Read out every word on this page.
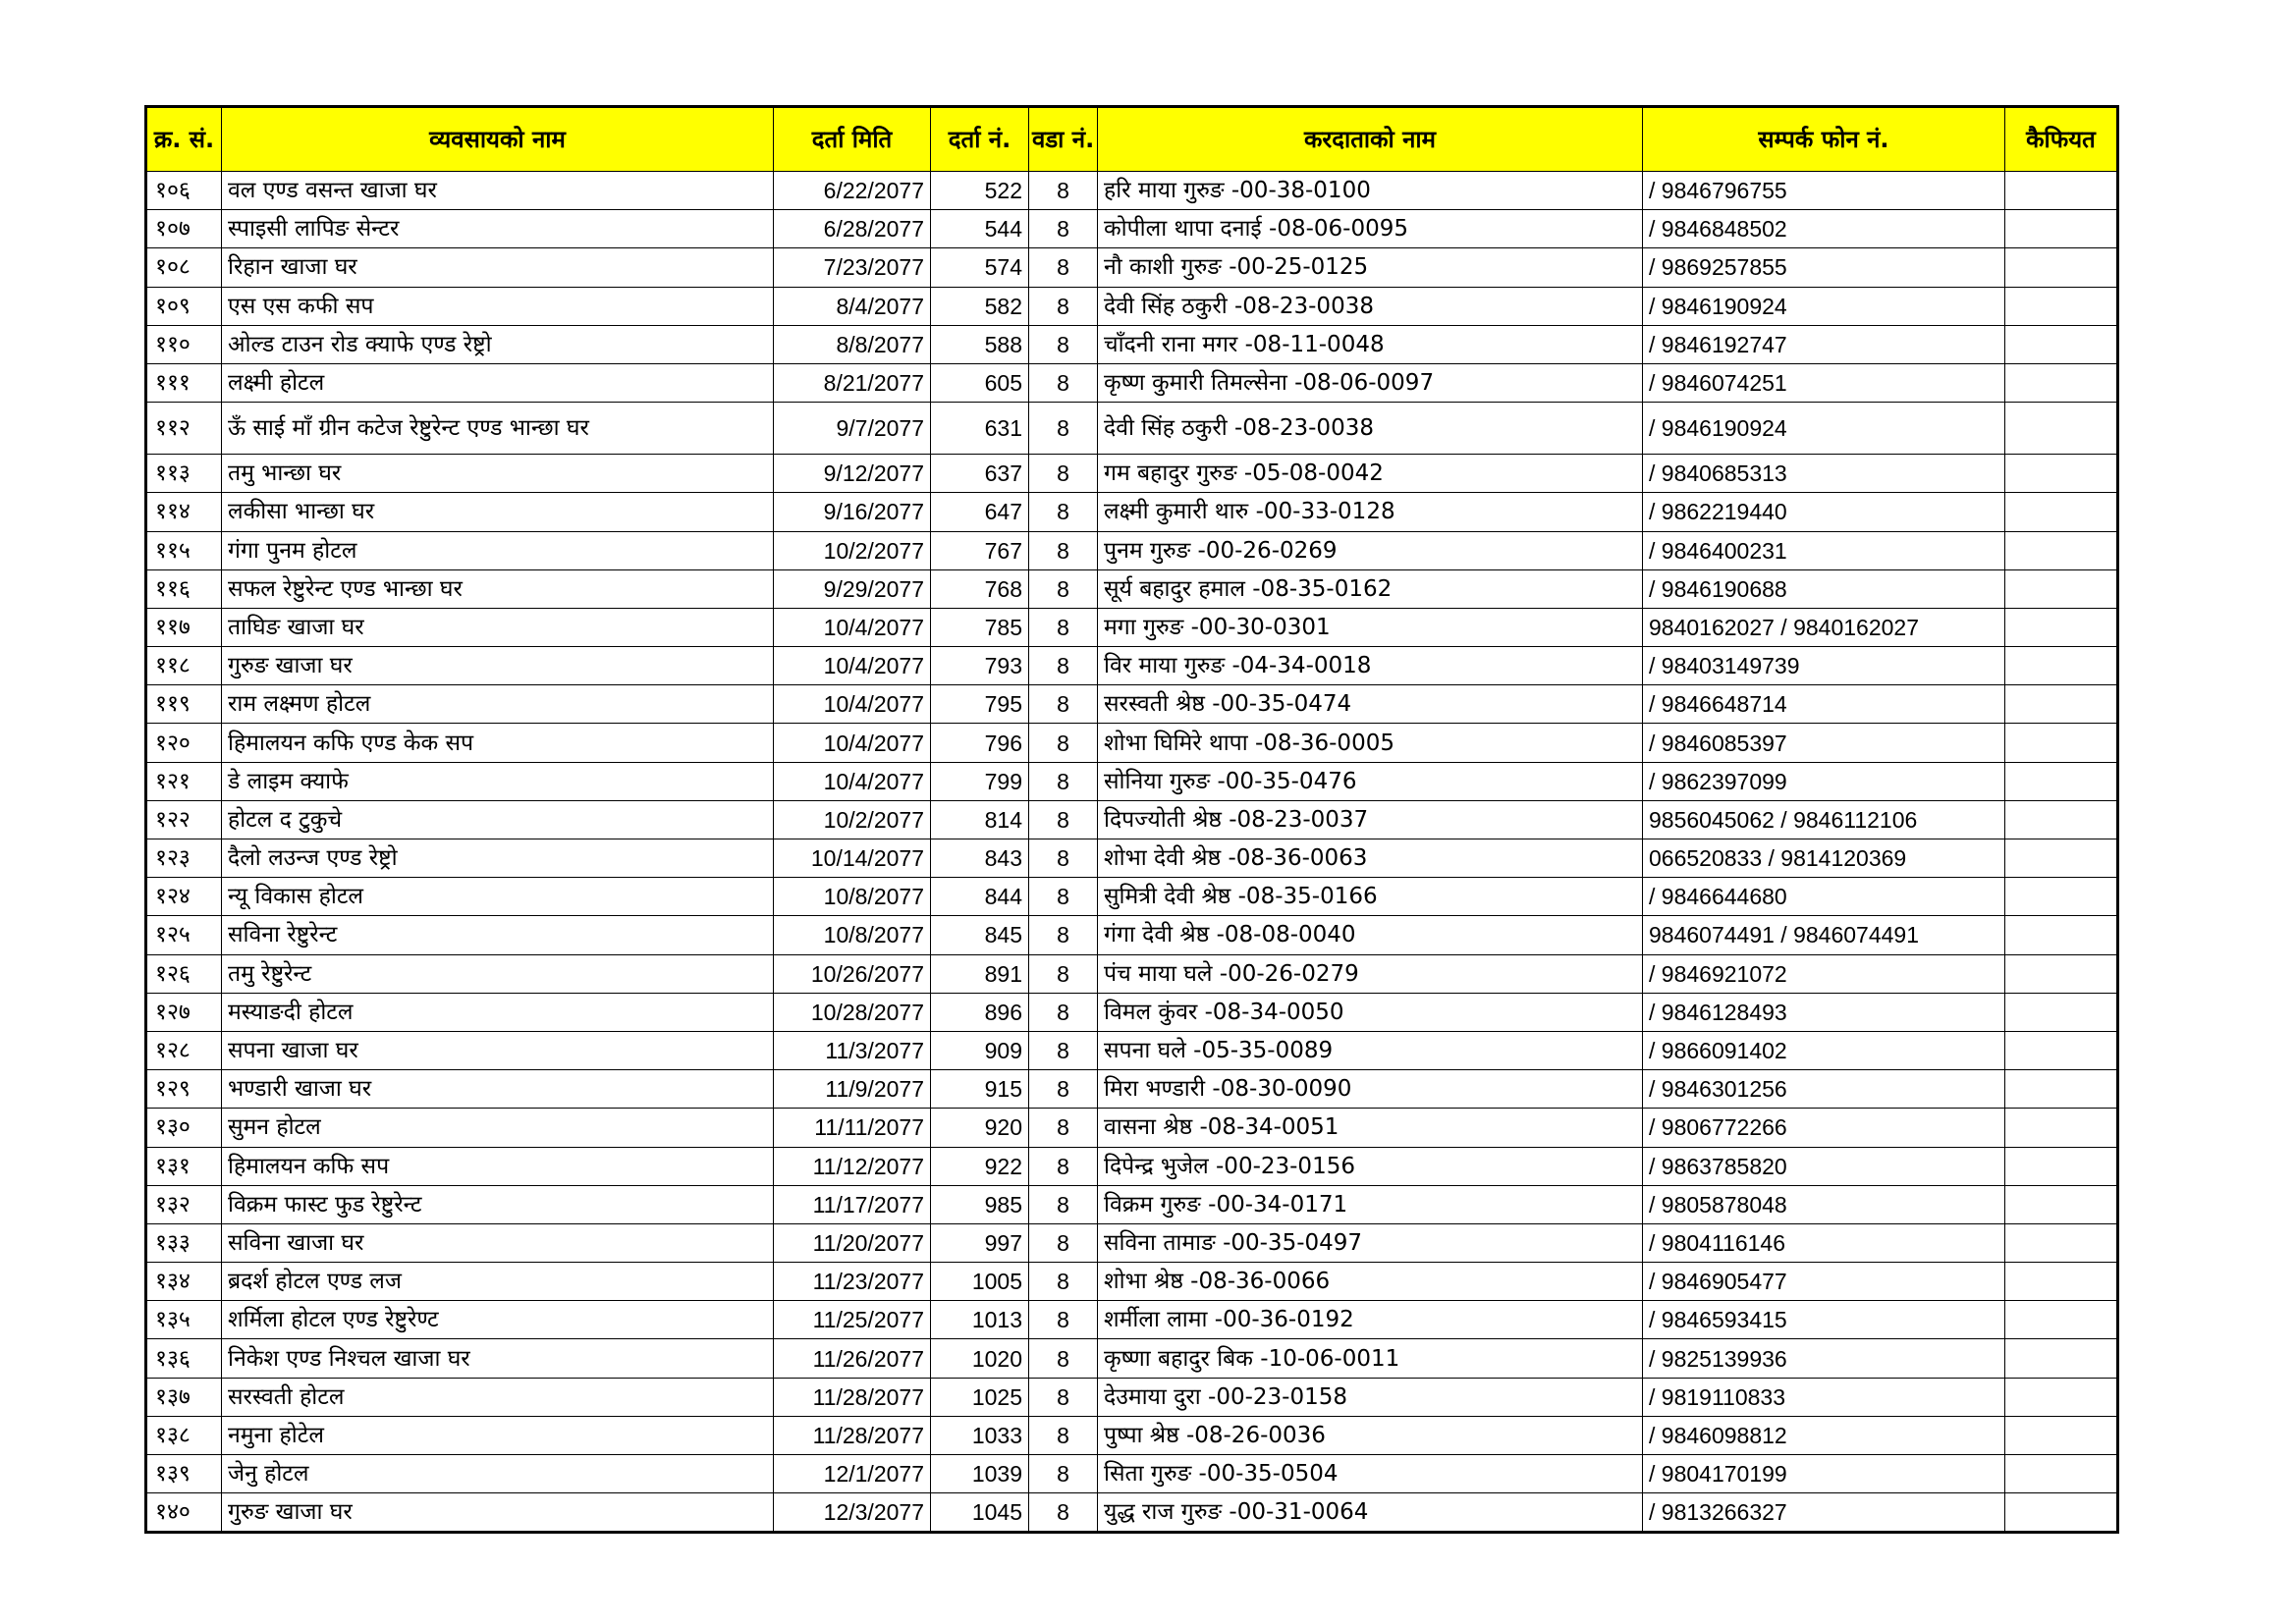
क्र. सं.	व्यवसायको नाम	दर्ता मिति	दर्ता नं.	वडा नं.	करदाताको नाम	सम्पर्क फोन नं.	कैफियत
१०६	वल एण्ड वसन्त खाजा घर	6/22/2077	522	8	हरि माया गुरुङ -00-38-0100	/ 9846796755	
१०७	स्पाइसी लापिङ सेन्टर	6/28/2077	544	8	कोपीला थापा दनाई -08-06-0095	/ 9846848502	
१०८	रिहान खाजा घर	7/23/2077	574	8	नौ काशी गुरुङ -00-25-0125	/ 9869257855	
१०९	एस एस कफी सप	8/4/2077	582	8	देवी सिंह ठकुरी -08-23-0038	/ 9846190924	
११०	ओल्ड टाउन रोड क्याफे एण्ड रेष्ट्रो	8/8/2077	588	8	चाँदनी राना मगर -08-11-0048	/ 9846192747	
१११	लक्ष्मी होटल	8/21/2077	605	8	कृष्ण कुमारी तिमल्सेना -08-06-0097	/ 9846074251	
११२	ऊँ साई माँ ग्रीन कटेज रेष्टुरेन्ट एण्ड भान्छा घर	9/7/2077	631	8	देवी सिंह ठकुरी -08-23-0038	/ 9846190924	
११३	तमु भान्छा घर	9/12/2077	637	8	गम बहादुर गुरुङ -05-08-0042	/ 9840685313	
११४	लकीसा भान्छा घर	9/16/2077	647	8	लक्ष्मी कुमारी थारु -00-33-0128	/ 9862219440	
११५	गंगा पुनम होटल	10/2/2077	767	8	पुनम गुरुङ -00-26-0269	/ 9846400231	
११६	सफल रेष्टुरेन्ट एण्ड भान्छा घर	9/29/2077	768	8	सूर्य बहादुर हमाल -08-35-0162	/ 9846190688	
११७	ताघिङ खाजा घर	10/4/2077	785	8	मगा गुरुङ -00-30-0301	9840162027 / 9840162027	
११८	गुरुङ खाजा घर	10/4/2077	793	8	विर माया गुरुङ -04-34-0018	/ 98403149739	
११९	राम लक्ष्मण होटल	10/4/2077	795	8	सरस्वती श्रेष्ठ -00-35-0474	/ 9846648714	
१२०	हिमालयन कफि एण्ड केक सप	10/4/2077	796	8	शोभा घिमिरे थापा -08-36-0005	/ 9846085397	
१२१	डे लाइम क्याफे	10/4/2077	799	8	सोनिया गुरुङ -00-35-0476	/ 9862397099	
१२२	होटल द टुकुचे	10/2/2077	814	8	दिपज्योती श्रेष्ठ -08-23-0037	9856045062 / 9846112106	
१२३	दैलो लउन्ज एण्ड रेष्ट्रो	10/14/2077	843	8	शोभा देवी श्रेष्ठ -08-36-0063	066520833 / 9814120369	
१२४	न्यू विकास होटल	10/8/2077	844	8	सुमित्री देवी श्रेष्ठ -08-35-0166	/ 9846644680	
१२५	सविना रेष्टुरेन्ट	10/8/2077	845	8	गंगा देवी श्रेष्ठ -08-08-0040	9846074491 / 9846074491	
१२६	तमु रेष्टुरेन्ट	10/26/2077	891	8	पंच माया घले -00-26-0279	/ 9846921072	
१२७	मस्याङदी होटल	10/28/2077	896	8	विमल कुंवर -08-34-0050	/ 9846128493	
१२८	सपना खाजा घर	11/3/2077	909	8	सपना घले -05-35-0089	/ 9866091402	
१२९	भण्डारी खाजा घर	11/9/2077	915	8	मिरा भण्डारी -08-30-0090	/ 9846301256	
१३०	सुमन होटल	11/11/2077	920	8	वासना श्रेष्ठ -08-34-0051	/ 9806772266	
१३१	हिमालयन कफि सप	11/12/2077	922	8	दिपेन्द्र भुजेल -00-23-0156	/ 9863785820	
१३२	विक्रम फास्ट फुड रेष्टुरेन्ट	11/17/2077	985	8	विक्रम गुरुङ -00-34-0171	/ 9805878048	
१३३	सविना खाजा घर	11/20/2077	997	8	सविना तामाङ -00-35-0497	/ 9804116146	
१३४	ब्रदर्श होटल एण्ड लज	11/23/2077	1005	8	शोभा श्रेष्ठ -08-36-0066	/ 9846905477	
१३५	शर्मिला होटल एण्ड रेष्टुरेण्ट	11/25/2077	1013	8	शर्मीला लामा -00-36-0192	/ 9846593415	
१३६	निकेश एण्ड निश्चल खाजा घर	11/26/2077	1020	8	कृष्णा बहादुर बिक -10-06-0011	/ 9825139936	
१३७	सरस्वती होटल	11/28/2077	1025	8	देउमाया दुरा -00-23-0158	/ 9819110833	
१३८	नमुना होटेल	11/28/2077	1033	8	पुष्पा श्रेष्ठ -08-26-0036	/ 9846098812	
१३९	जेनु होटल	12/1/2077	1039	8	सिता गुरुङ -00-35-0504	/ 9804170199	
१४०	गुरुङ खाजा घर	12/3/2077	1045	8	युद्ध राज गुरुङ -00-31-0064	/ 9813266327	
